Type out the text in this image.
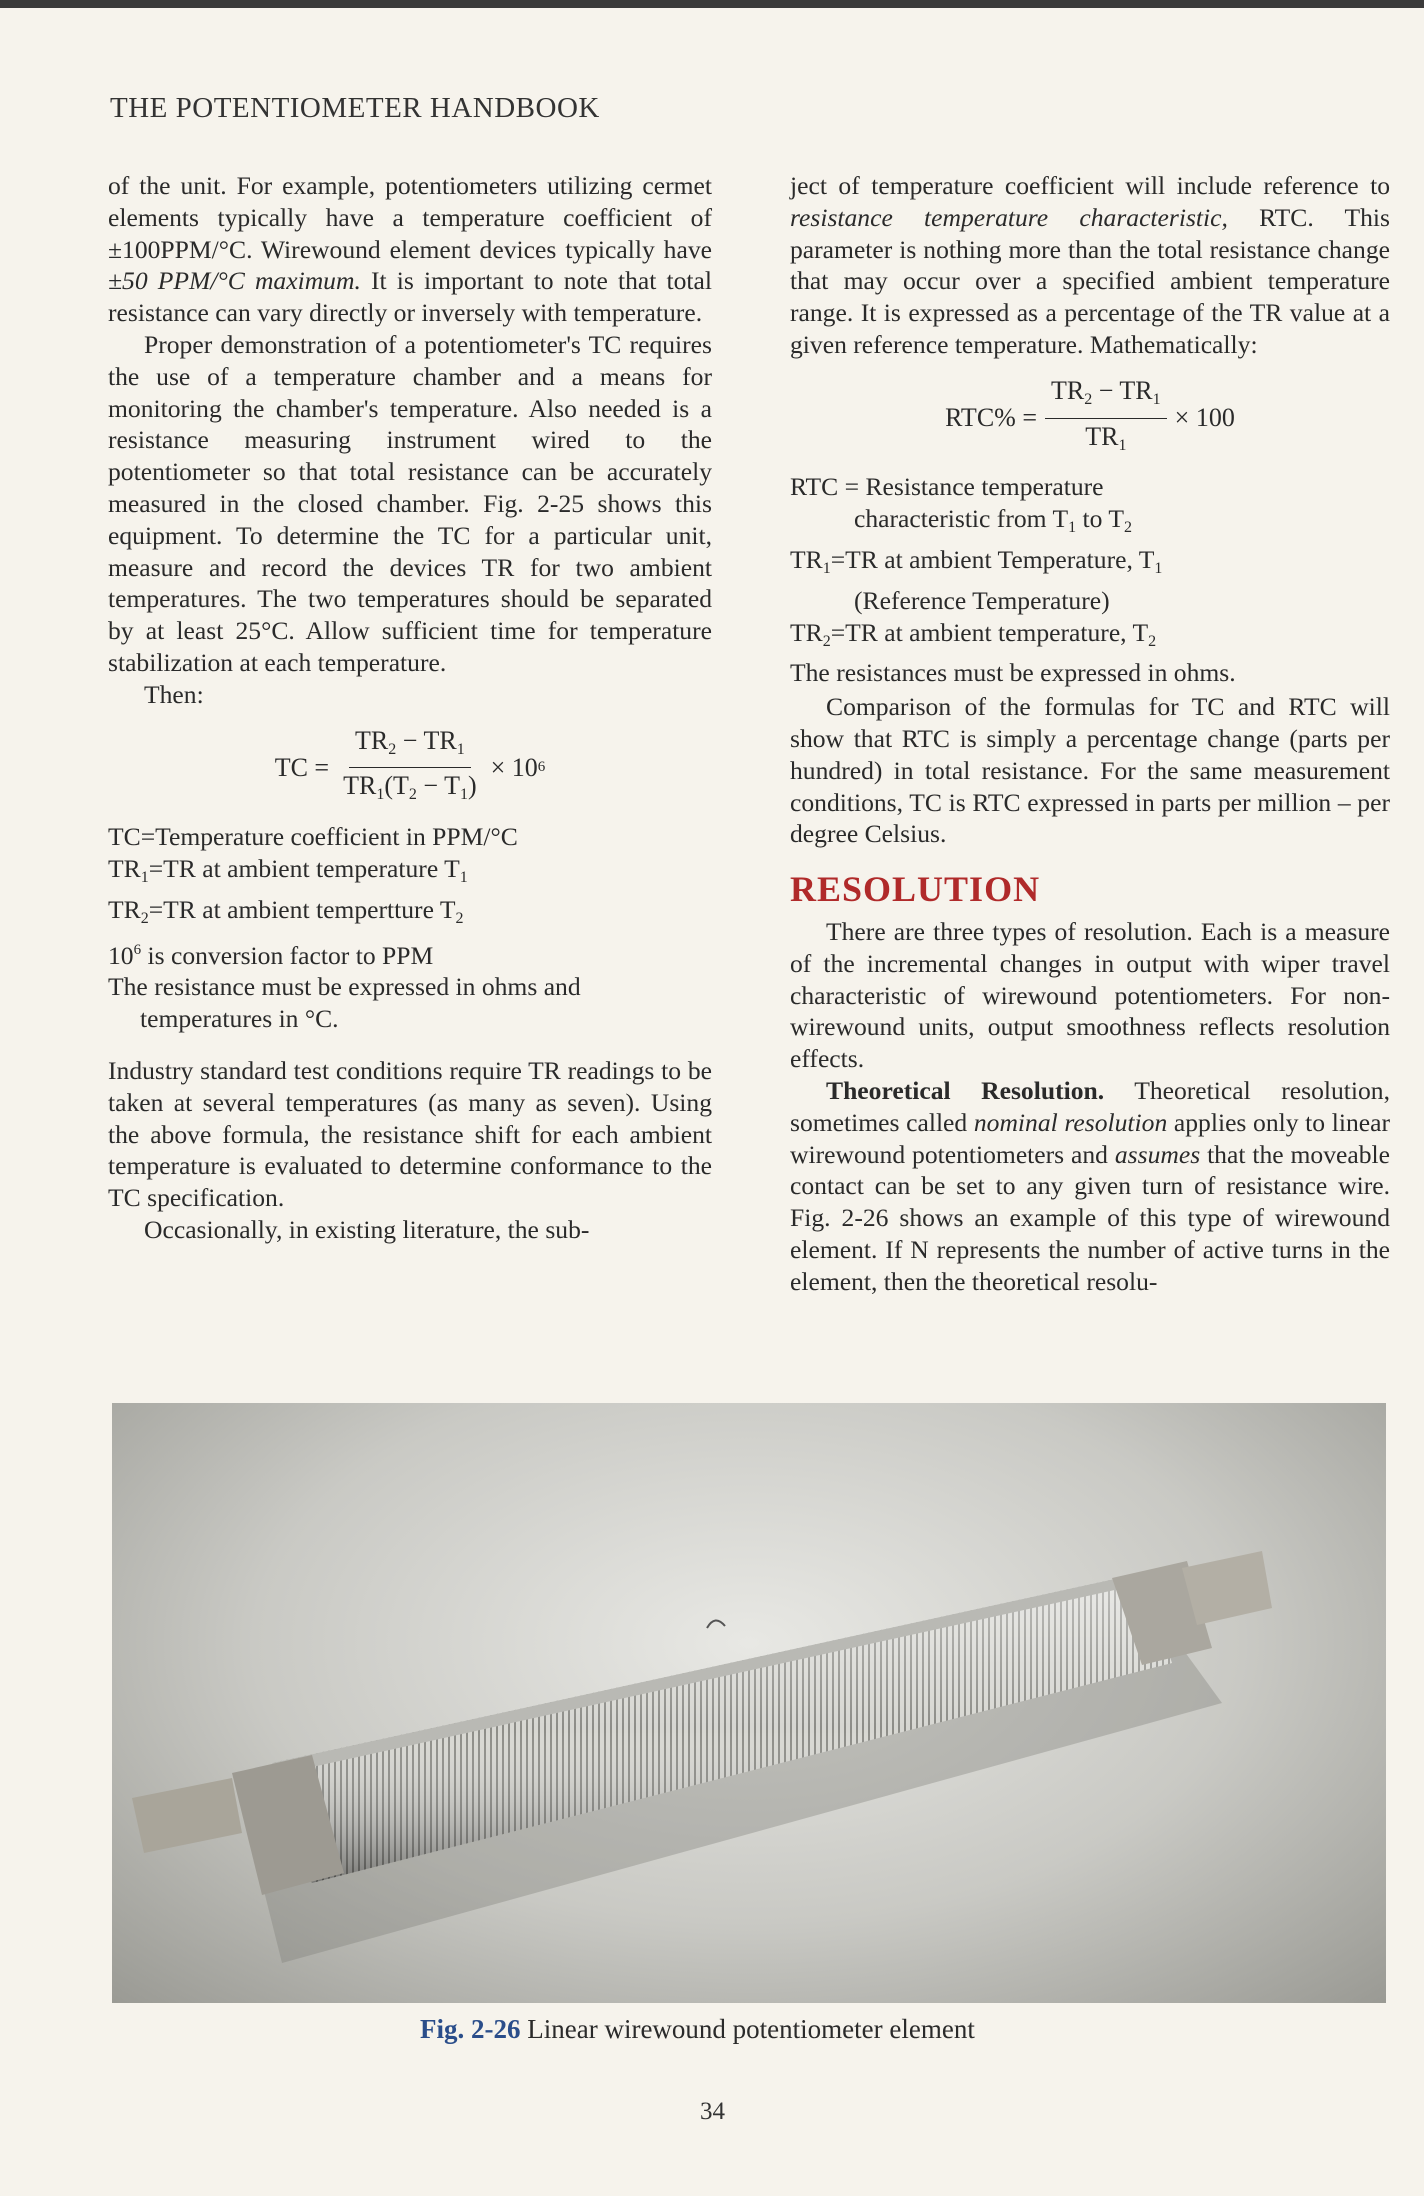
THE POTENTIOMETER HANDBOOK

of the unit. For example, potentiometers utilizing cermet elements typically have a temperature coefficient of ±100PPM/°C. Wirewound element devices typically have ±50 PPM/°C maximum. It is important to note that total resistance can vary directly or inversely with temperature.

Proper demonstration of a potentiometer's TC requires the use of a temperature chamber and a means for monitoring the chamber's temperature. Also needed is a resistance measuring instrument wired to the potentiometer so that total resistance can be accurately measured in the closed chamber. Fig. 2-25 shows this equipment. To determine the TC for a particular unit, measure and record the devices TR for two ambient temperatures. The two temperatures should be separated by at least 25°C. Allow sufficient time for temperature stabilization at each temperature.

Then:

TC = $\frac{TR_2 - TR_1}{TR_1(T_2 - T_1)} \times 10$ 6
TC=Temperature coefficient in PPM/°C
$TR_1=TR$ at ambient temperature $T_1$
$TR_2=TR$ at ambient tempertture $T_2$
$10^6$ is conversion factor to PPM
The resistance must be expressed in ohms and temperatures in °C.

Industry standard test conditions require TR readings to be taken at several temperatures (as many as seven). Using the above formula, the resistance shift for each ambient temperature is evaluated to determine conformance to the TC specification.

Occasionally, in existing literature, the sub-

ject of temperature coefficient will include reference to resistance temperature characteristic, RTC. This parameter is nothing more than the total resistance change that may occur over a specified ambient temperature range. It is expressed as a percentage of the TR value at a given reference temperature. Mathematically:

$RTC\% = \frac{TR_2 - TR_1}{TR_1} \times 100$
RTC = Resistance temperature
characteristic from $T_1$ to $T_2$
$TR_1=TR$ at ambient Temperature, $T_1$
(Reference Temperature)
$TR_2=TR$ at ambient temperature, $T_2$
The resistances must be expressed in ohms.

Comparison of the formulas for TC and RTC will show that RTC is simply a percentage change (parts per hundred) in total resistance. For the same measurement conditions, TC is RTC expressed in parts per million – per degree Celsius.

RESOLUTION

There are three types of resolution. Each is a measure of the incremental changes in output with wiper travel characteristic of wirewound potentiometers. For non-wirewound units, output smoothness reflects resolution effects.

Theoretical Resolution. Theoretical resolution, sometimes called nominal resolution applies only to linear wirewound potentiometers and assumes that the moveable contact can be set to any given turn of resistance wire. Fig. 2-26 shows an example of this type of wirewound element. If N represents the number of active turns in the element, then the theoretical resolu-

Fig. 2-26 Linear wirewound potentiometer element
34
